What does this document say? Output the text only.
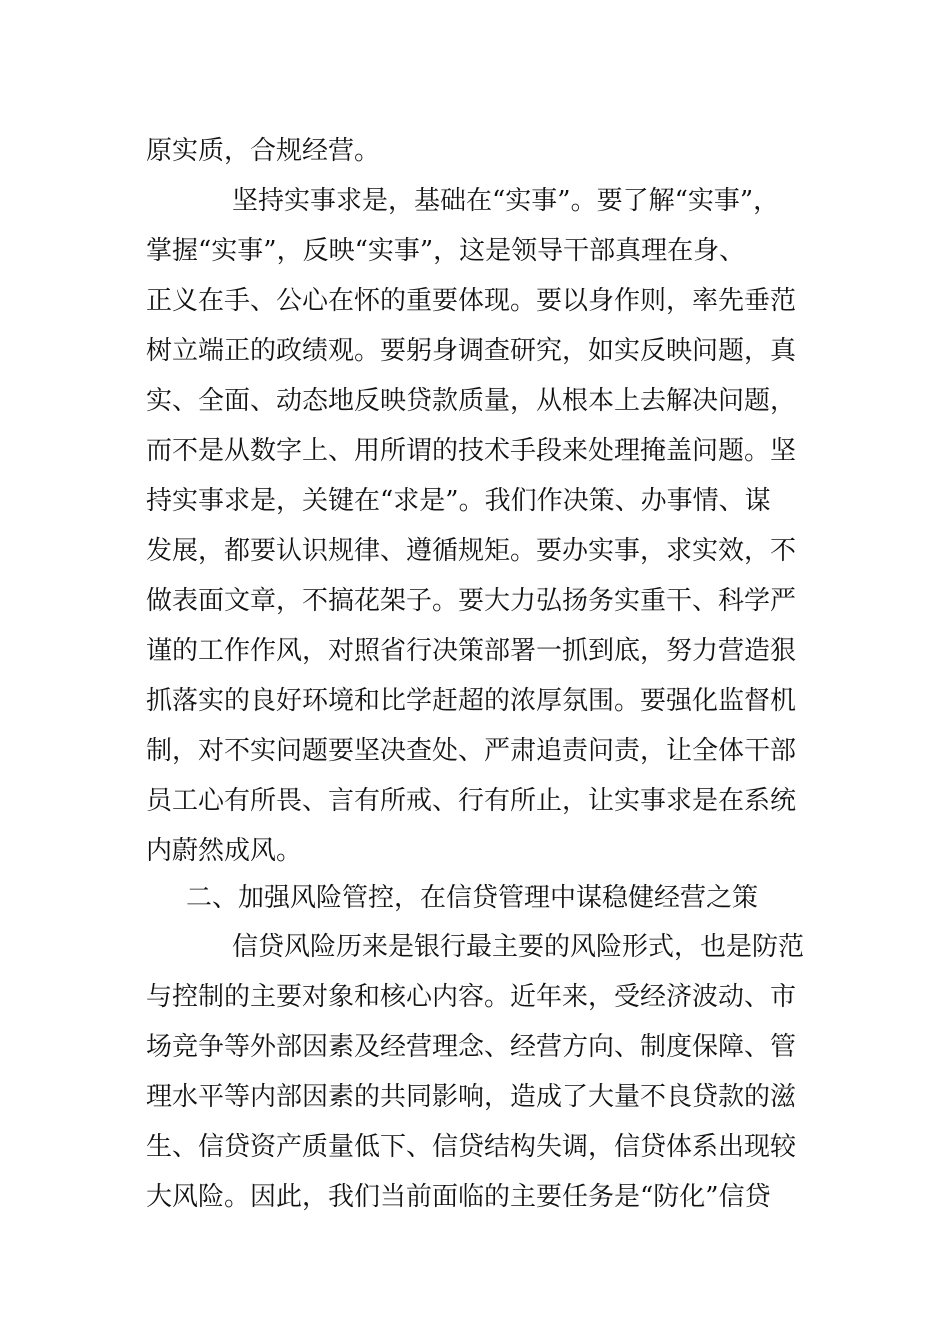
原实质，合规经营。
坚持实事求是，基础在“实事”。要了解“实事”，
掌握“实事”，反映“实事”，这是领导干部真理在身、
正义在手、公心在怀的重要体现。要以身作则，率先垂范
树立端正的政绩观。要躬身调查研究，如实反映问题，真
实、全面、动态地反映贷款质量，从根本上去解决问题，
而不是从数字上、用所谓的技术手段来处理掩盖问题。坚
持实事求是，关键在“求是”。我们作决策、办事情、谋
发展，都要认识规律、遵循规矩。要办实事，求实效，不
做表面文章，不搞花架子。要大力弘扬务实重干、科学严
谨的工作作风，对照省行决策部署一抓到底，努力营造狠
抓落实的良好环境和比学赶超的浓厚氛围。要强化监督机
制，对不实问题要坚决查处、严肃追责问责，让全体干部
员工心有所畏、言有所戒、行有所止，让实事求是在系统
内蔚然成风。
二、加强风险管控，在信贷管理中谋稳健经营之策
信贷风险历来是银行最主要的风险形式，也是防范
与控制的主要对象和核心内容。近年来，受经济波动、市
场竞争等外部因素及经营理念、经营方向、制度保障、管
理水平等内部因素的共同影响，造成了大量不良贷款的滋
生、信贷资产质量低下、信贷结构失调，信贷体系出现较
大风险。因此，我们当前面临的主要任务是“防化”信贷
